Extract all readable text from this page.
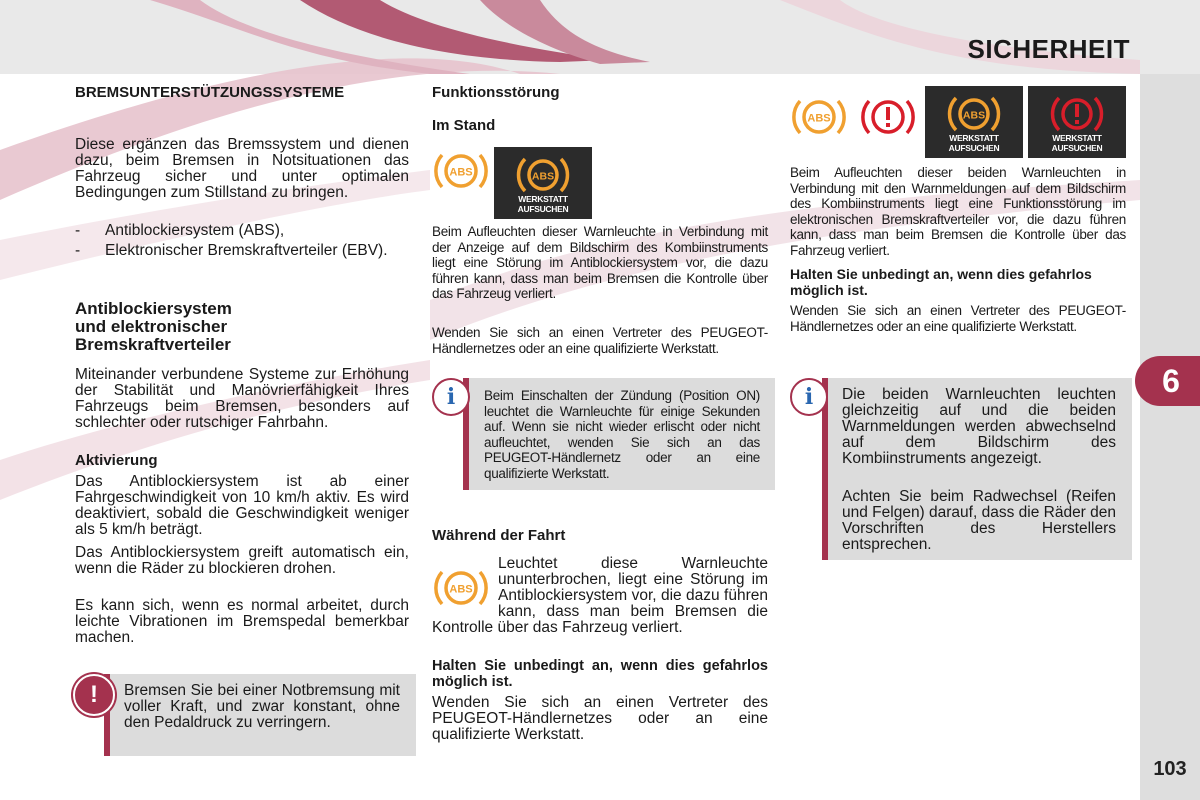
SICHERHEIT
6
103
BREMSUNTERSTÜTZUNGSSYSTEME
Diese ergänzen das Bremssystem und dienen dazu, beim Bremsen in Notsituationen das Fahrzeug sicher und unter optimalen Bedingungen zum Stillstand zu bringen.
-	Antiblockiersystem (ABS),
-	Elektronischer Bremskraftverteiler (EBV).
Antiblockiersystem
und elektronischer
Bremskraftverteiler
Miteinander verbundene Systeme zur Erhöhung der Stabilität und Manövrierfähigkeit Ihres Fahrzeugs beim Bremsen, besonders auf schlechter oder rutschiger Fahrbahn.
Aktivierung
Das Antiblockiersystem ist ab einer Fahrgeschwindigkeit von 10 km/h aktiv. Es wird deaktiviert, sobald die Geschwindigkeit weniger als 5 km/h beträgt.
Das Antiblockiersystem greift automatisch ein, wenn die Räder zu blockieren drohen.
Es kann sich, wenn es normal arbeitet, durch leichte Vibrationen im Bremspedal bemerkbar machen.
!	Bremsen Sie bei einer Notbremsung mit voller Kraft, und zwar konstant, ohne den Pedaldruck zu verringern.
Funktionsstörung
Im Stand
ABS	ABS
WERKSTATT AUFSUCHEN
Beim Aufleuchten dieser Warnleuchte in Verbindung mit der Anzeige auf dem Bildschirm des Kombiinstruments liegt eine Störung im Antiblockiersystem vor, die dazu führen kann, dass man beim Bremsen die Kontrolle über das Fahrzeug verliert.
Wenden Sie sich an einen Vertreter des PEUGEOT-Händlernetzes oder an eine qualifizierte Werkstatt.
i	Beim Einschalten der Zündung (Position ON) leuchtet die Warnleuchte für einige Sekunden auf. Wenn sie nicht wieder erlischt oder nicht aufleuchtet, wenden Sie sich an das PEUGEOT-Händlernetz oder an eine qualifizierte Werkstatt.
Während der Fahrt
ABS
Leuchtet diese Warnleuchte ununterbrochen, liegt eine Störung im Antiblockiersystem vor, die dazu führen kann, dass man beim Bremsen die Kontrolle über das Fahrzeug verliert.
Halten Sie unbedingt an, wenn dies gefahrlos möglich ist.
Wenden Sie sich an einen Vertreter des PEUGEOT-Händlernetzes oder an eine qualifizierte Werkstatt.
ABS	ABS
WERKSTATT AUFSUCHEN
WERKSTATT AUFSUCHEN
Beim Aufleuchten dieser beiden Warnleuchten in Verbindung mit den Warnmeldungen auf dem Bildschirm des Kombiinstruments liegt eine Funktionsstörung im elektronischen Bremskraftverteiler vor, die dazu führen kann, dass man beim Bremsen die Kontrolle über das Fahrzeug verliert.
Halten Sie unbedingt an, wenn dies gefahrlos möglich ist.
Wenden Sie sich an einen Vertreter des PEUGEOT-Händlernetzes oder an eine qualifizierte Werkstatt.
i	Die beiden Warnleuchten leuchten gleichzeitig auf und die beiden Warnmeldungen werden abwechselnd auf dem Bildschirm des Kombiinstruments angezeigt.
Achten Sie beim Radwechsel (Reifen und Felgen) darauf, dass die Räder den Vorschriften des Herstellers entsprechen.
